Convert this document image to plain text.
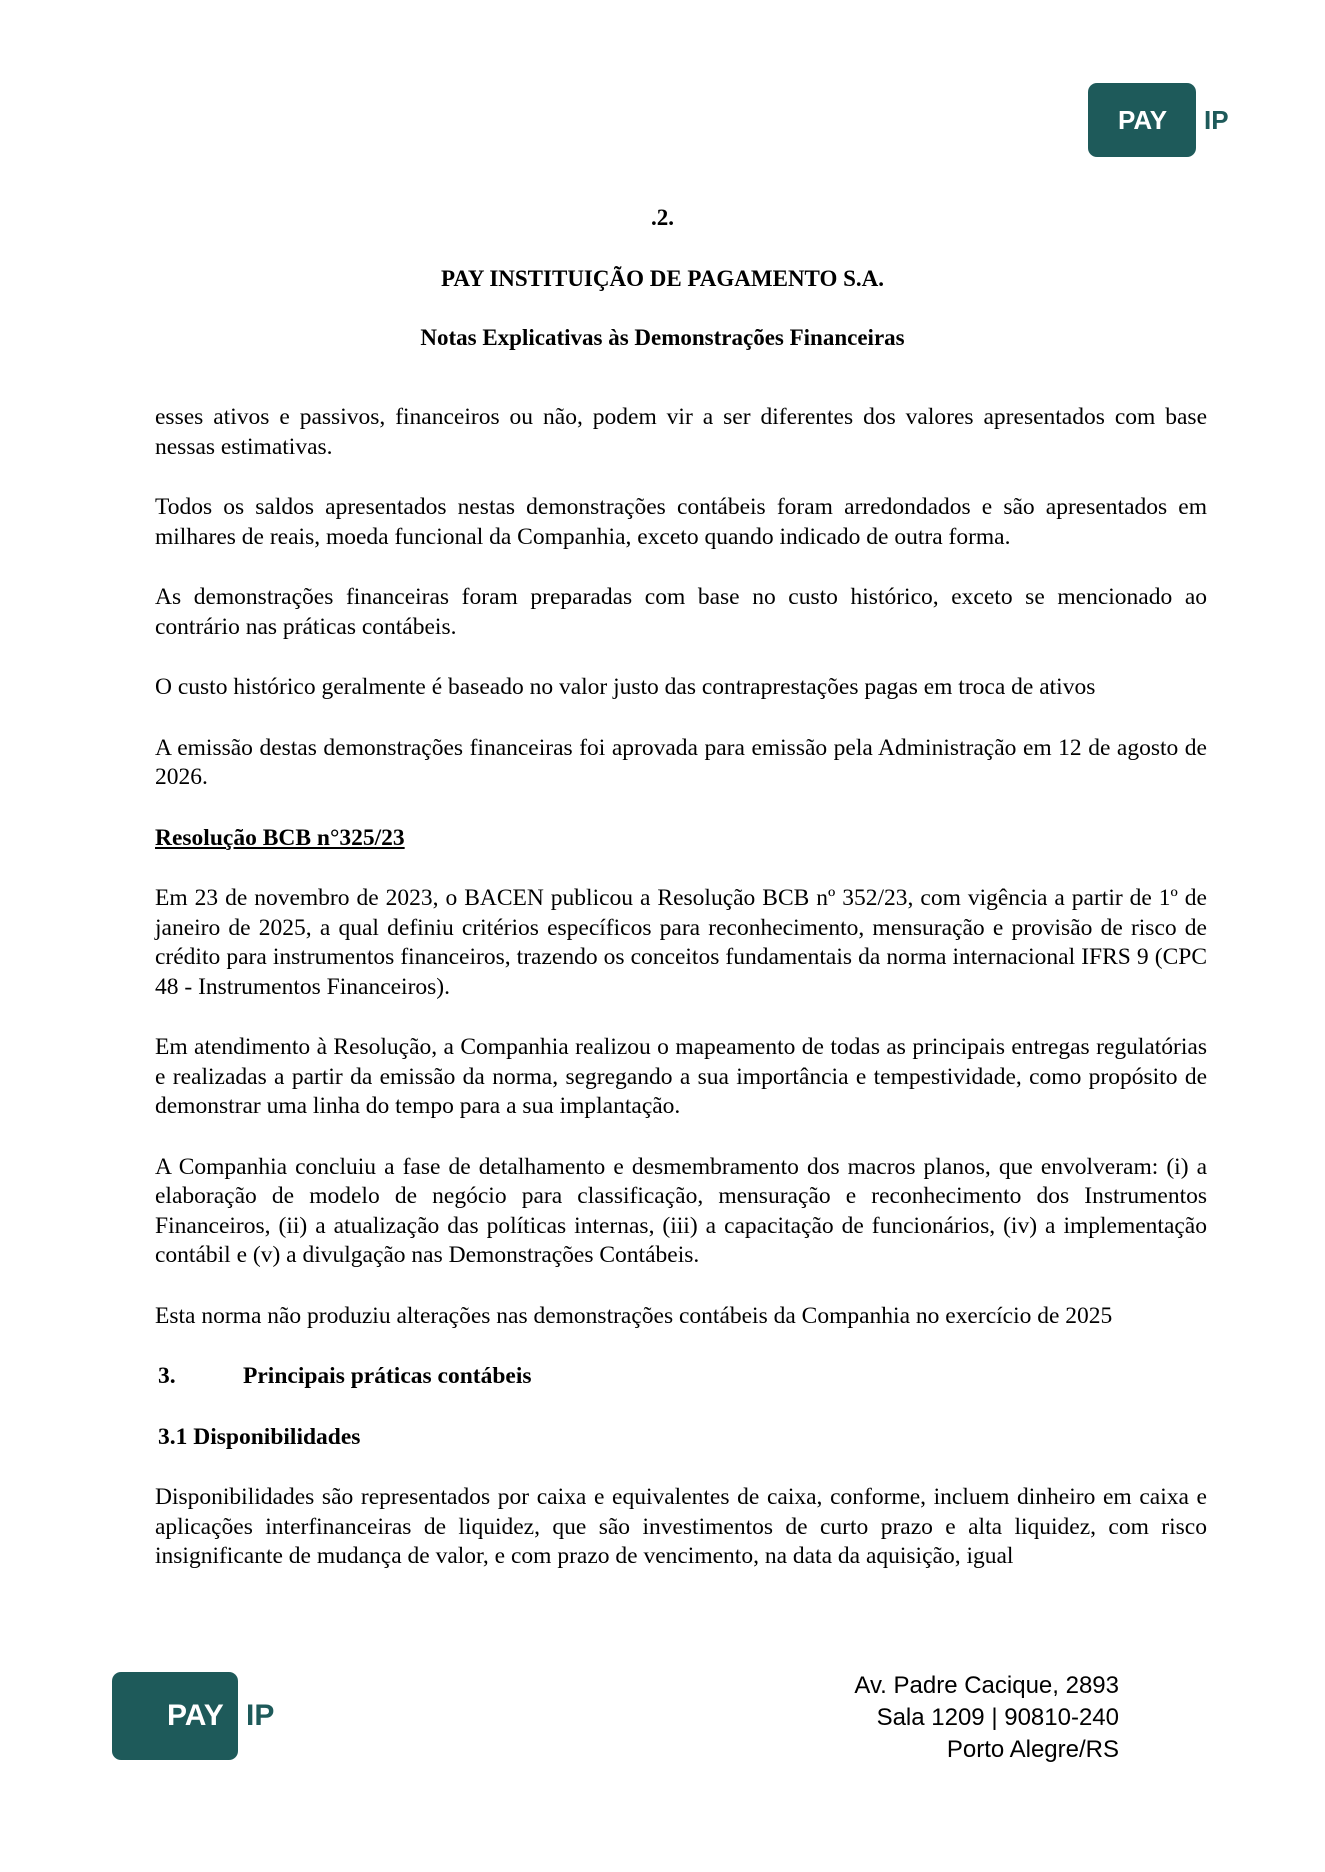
PAY IP
.2.
PAY INSTITUIÇÃO DE PAGAMENTO S.A.
Notas Explicativas às Demonstrações Financeiras

esses ativos e passivos, financeiros ou não, podem vir a ser diferentes dos valores apresentados com base nessas estimativas.

Todos os saldos apresentados nestas demonstrações contábeis foram arredondados e são apresentados em milhares de reais, moeda funcional da Companhia, exceto quando indicado de outra forma.

As demonstrações financeiras foram preparadas com base no custo histórico, exceto se mencionado ao contrário nas práticas contábeis.

O custo histórico geralmente é baseado no valor justo das contraprestações pagas em troca de ativos

A emissão destas demonstrações financeiras foi aprovada para emissão pela Administração em 12 de agosto de 2026.

Resolução BCB n°325/23

Em 23 de novembro de 2023, o BACEN publicou a Resolução BCB nº 352/23, com vigência a partir de 1º de janeiro de 2025, a qual definiu critérios específicos para reconhecimento, mensuração e provisão de risco de crédito para instrumentos financeiros, trazendo os conceitos fundamentais da norma internacional IFRS 9 (CPC 48 - Instrumentos Financeiros).

Em atendimento à Resolução, a Companhia realizou o mapeamento de todas as principais entregas regulatórias e realizadas a partir da emissão da norma, segregando a sua importância e tempestividade, como propósito de demonstrar uma linha do tempo para a sua implantação.

A Companhia concluiu a fase de detalhamento e desmembramento dos macros planos, que envolveram: (i) a elaboração de modelo de negócio para classificação, mensuração e reconhecimento dos Instrumentos Financeiros, (ii) a atualização das políticas internas, (iii) a capacitação de funcionários, (iv) a implementação contábil e (v) a divulgação nas Demonstrações Contábeis.

Esta norma não produziu alterações nas demonstrações contábeis da Companhia no exercício de 2025

3.	Principais práticas contábeis
3.1 Disponibilidades

Disponibilidades são representados por caixa e equivalentes de caixa, conforme, incluem dinheiro em caixa e aplicações interfinanceiras de liquidez, que são investimentos de curto prazo e alta liquidez, com risco insignificante de mudança de valor, e com prazo de vencimento, na data da aquisição, igual

PAY IP
Av. Padre Cacique, 2893
Sala 1209 | 90810-240
Porto Alegre/RS
